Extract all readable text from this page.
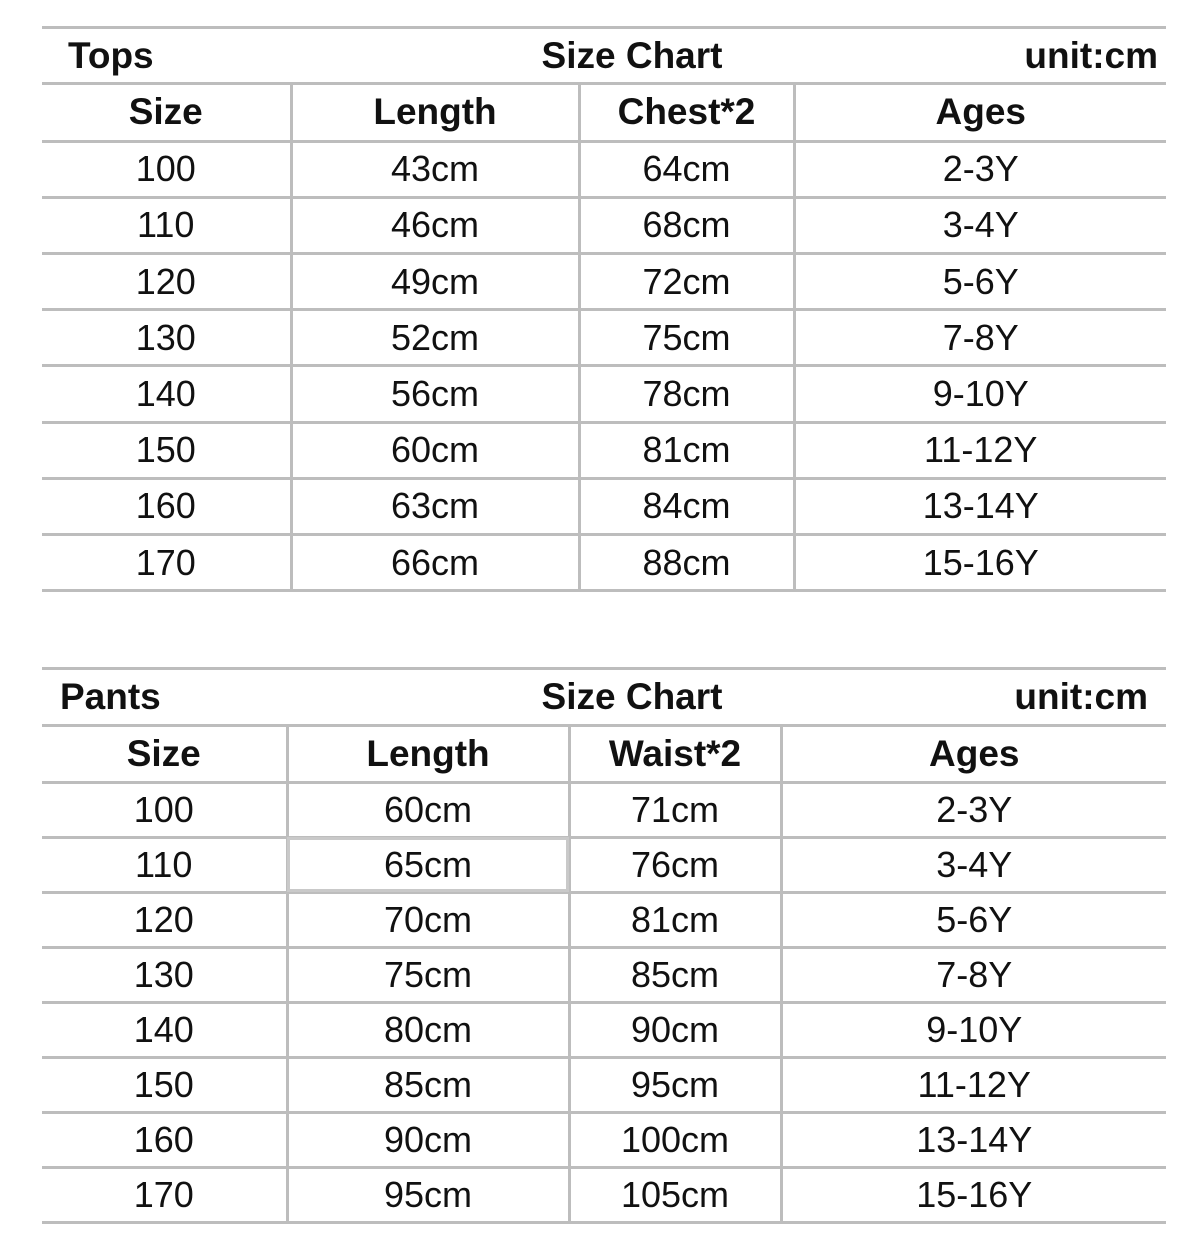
Tops	Size Chart	unit:cm
Size	Length	Chest*2	Ages
100	43cm	64cm	2-3Y
110	46cm	68cm	3-4Y
120	49cm	72cm	5-6Y
130	52cm	75cm	7-8Y
140	56cm	78cm	9-10Y
150	60cm	81cm	11-12Y
160	63cm	84cm	13-14Y
170	66cm	88cm	15-16Y
Pants	Size Chart	unit:cm
Size	Length	Waist*2	Ages
100	60cm	71cm	2-3Y
110	65cm	76cm	3-4Y
120	70cm	81cm	5-6Y
130	75cm	85cm	7-8Y
140	80cm	90cm	9-10Y
150	85cm	95cm	11-12Y
160	90cm	100cm	13-14Y
170	95cm	105cm	15-16Y
